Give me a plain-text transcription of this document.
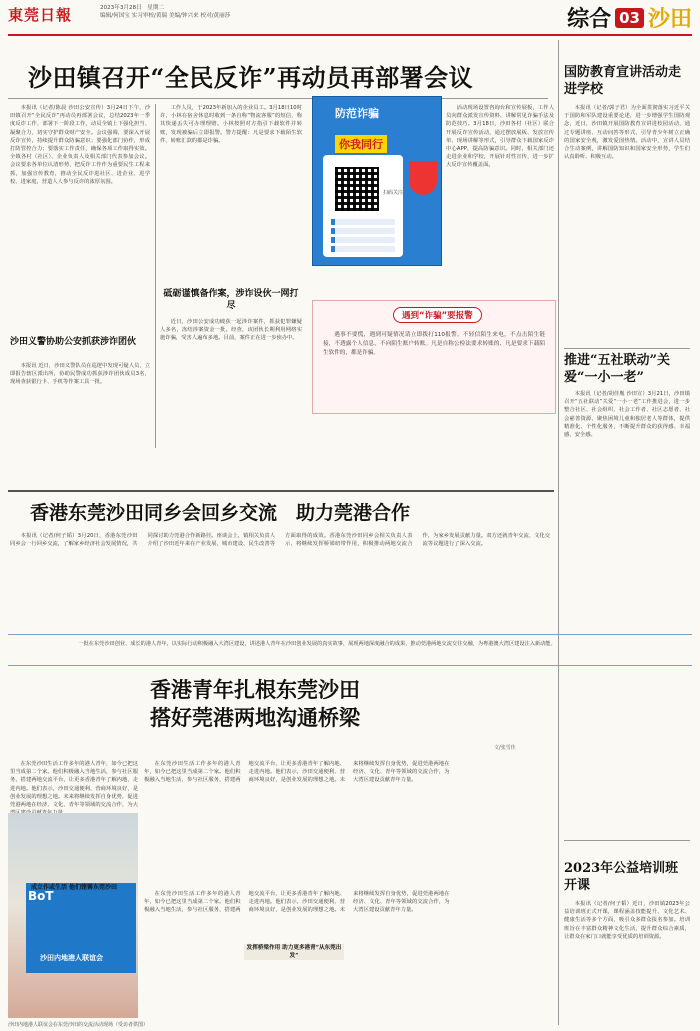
東莞日報	2023年3月28日　星期二
编辑/何国宝 实习审校/黄瑞 美编/钟兴来 校对/黄丽莎	综合 03 沙田
沙田镇召开“全民反诈”再动员再部署会议

本报讯（记者/陈晨 沙田公安宣传）3月24日下午，沙田镇召开“全民反诈”再动员再部署会议，总结2023年一季度反诈工作，部署下一阶段工作，动员全镇上下强化担当、凝聚合力，切实守护群众财产安全。会议强调，要深入开展反诈宣传，持续提升群众防骗意识；要强化部门协作，形成打防管控合力；要落实工作责任，确保各项工作取得实效。全镇各村（社区）、企业负责人及相关部门代表参加会议。会议要求各单位认清形势，把反诈工作作为重要民生工程来抓，加强宣传教育，推动全民反诈进社区、进企业、进学校、进家庭，营造人人参与反诈的浓厚氛围。

沙田义警协助公安抓获涉诈团伙

本报讯 近日，沙田义警队员在巡逻中发现可疑人员，立即报告辖区派出所，协助民警成功抓获涉诈团伙成员3名，现场查获银行卡、手机等作案工具一批。

工作人员，于2023年新加入的企业员工。3月18日10时许，小林在宿舍休息时收到一条自称“物流客服”的短信，称其快递丢失可办理理赔。小林按照对方指引下载软件并转账，发现被骗后立即报警。警方提醒：凡是要求下载陌生软件、转账汇款的都是诈骗。

砥砺谨慎备作案，涉诈设伙一网打尽

近日，沙田公安成功破获一起涉诈案件，抓获犯罪嫌疑人多名，冻结涉案资金一批。经查，该团伙长期利用网络实施诈骗，受害人遍布多地。目前，案件正在进一步侦办中。

防范诈骗
你我同行
扫码关注

活动现场设置咨询台和宣传展板，工作人员向群众派发宣传资料，讲解常见诈骗手法及防范技巧。3月18日，沙田各村（社区）联合开展反诈宣传活动，通过摆放展板、发放宣传单、现场讲解等形式，引导群众下载国家反诈中心APP，提高防骗意识。同时，相关部门还走进企业和学校，开展针对性宣传，进一步扩大反诈宣传覆盖面。

遇到“诈骗”要报警

遇事不要慌，遇到可疑情况请立即拨打110报警。不轻信陌生来电，不点击陌生链接，不透露个人信息，不向陌生账户转账。凡是自称公检法要求转账的、凡是要求下载陌生软件的，都是诈骗。

国防教育宣讲活动走进学校

本报讯（记者/郭子君）为全面贯彻落实习近平关于国防和军队建设重要论述，进一步增强学生国防观念，近日，沙田镇开展国防教育宣讲进校园活动，通过专题讲座、互动问答等形式，引导青少年树立正确的国家安全观，激发爱国热情。活动中，宣讲人员结合生动案例，讲解国防知识和国家安全形势，学生们认真聆听、积极互动。

推进“五社联动”关爱“一小一老”

本报讯（记者/胡佳胤 沙田宣）3月21日，沙田镇召开“五社联动”关爱“一小一老”工作推进会，进一步整合社区、社会组织、社会工作者、社区志愿者、社会慈善资源，聚焦困境儿童和独居老人等群体，提供精准化、个性化服务，不断提升群众的获得感、幸福感、安全感。

2023年公益培训班开课

本报讯（记者/何子韬）近日，沙田镇2023年公益培训班正式开课，课程涵盖技能提升、文化艺术、健康生活等多个方面，吸引众多群众报名参加。培训班旨在丰富群众精神文化生活，提升群众综合素质，让群众在家门口就能享受优质的培训资源。

香港东莞沙田同乡会回乡交流　助力莞港合作

本报讯（记者/何子韬）3月20日，香港东莞沙田同乡会一行回乡交流，了解家乡经济社会发展情况，共同探讨助力莞港合作新路径。座谈会上，镇相关负责人介绍了沙田近年来在产业发展、城市建设、民生改善等方面取得的成效。香港东莞沙田同乡会相关负责人表示，将继续发挥桥梁纽带作用，积极推动两地交流合作，为家乡发展贡献力量。双方还就青年交流、文化交流等议题进行了深入交流。

一批在东莞沙田创业、成长的港人青年，以实际行动积极融入大湾区建设，讲述港人青年在沙田创业发展的真实故事，展现两地深度融合的成果，推动莞港两地交流交往交融，为粤港澳大湾区建设注入新动能。
香港青年扎根东莞沙田
搭好莞港两地沟通桥梁
文/张雪佳

在东莞沙田生活工作多年的港人青年，如今已把这里当成第二个家。他们积极融入当地生活，参与社区服务，搭建两地交流平台，让更多香港青年了解内地、走进内地。他们表示，沙田交通便利、营商环境良好，是创业发展的理想之地。未来将继续发挥自身优势，促进莞港两地在经济、文化、青年等领域的交流合作，为大

BoT
沙田内地港人联谊会
沙田内地港人联谊会在东莞沙田的交流活动现场（受访者供图）

在东莞沙田生活工作多年的港人青年，如今已把这里当成第二个家。他们积极融入当地生活，参与社区服务，搭建两地交流平台，让更多香港青年了解内地、走进内地。他们表示，沙田交通便利、营商环境良好，是创业发展的理想之地。未来将继续发挥自身优势，促进莞港两地在经济、文化、青年等领域的交流合作，为大湾区建设贡献青年力量。

成立作或生活 他们铿锵东莞沙田
发挥桥梁作用 助力更多港青“从东莞出发”

在东莞沙田生活工作多年的港人青年，如今已把这里当成第二个家。他们积极融入当地生活，参与社区服务，搭建两地交流平台，让更多香港青年了解内地、走进内地。他们表示，沙田交通便利、营商环境良好，是创业发展的理想之地。未来将继续发挥自身优势，促进莞港两地在经济、文化、青年等领域的交流合作，为大湾区建设贡献青年力量。
